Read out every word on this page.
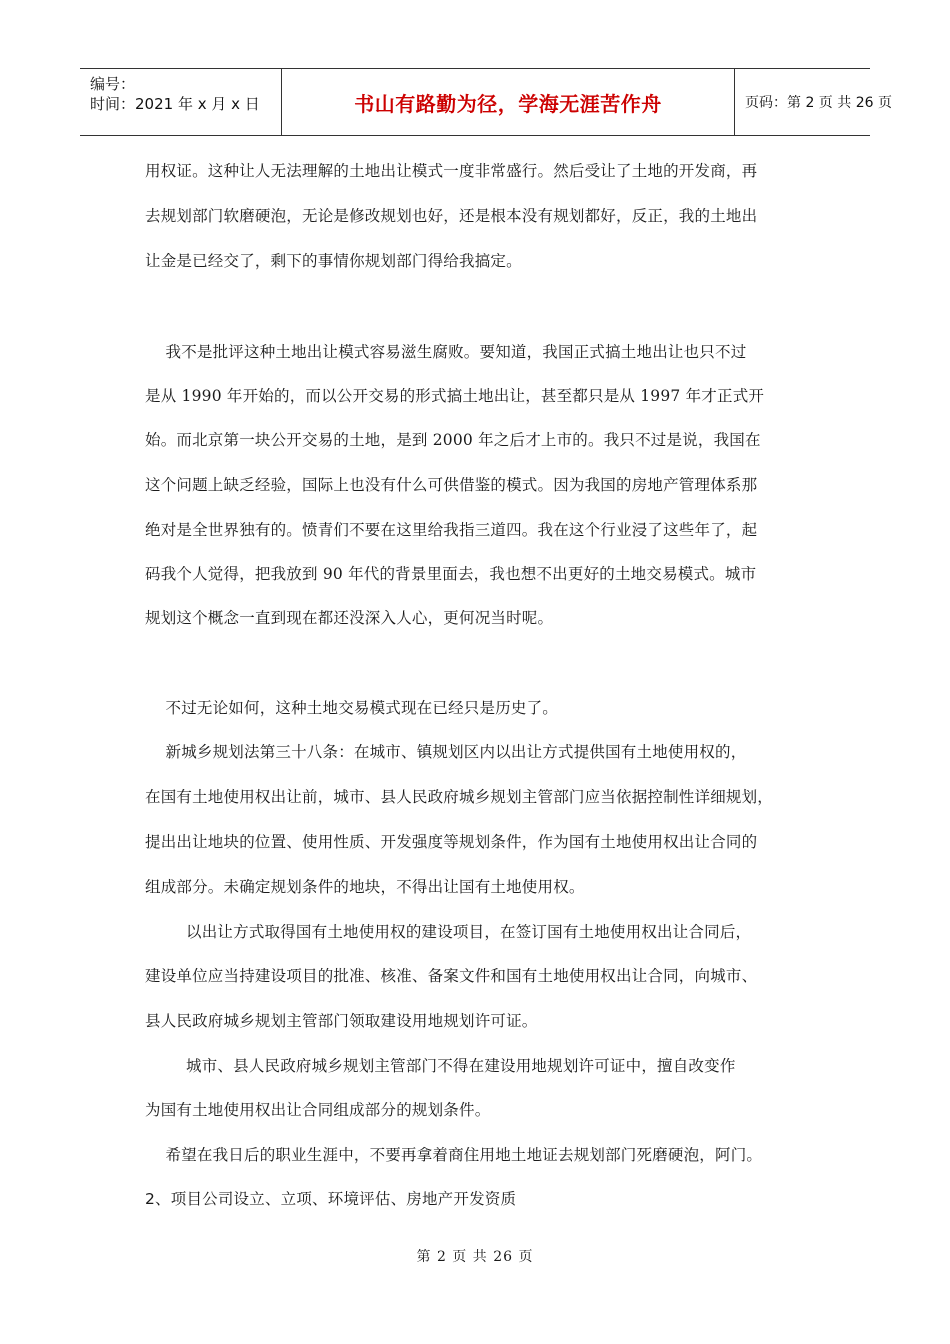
编号：
时间：2021 年 x 月 x 日	书山有路勤为径，学海无涯苦作舟	页码：第 2 页 共 26 页
用权证。这种让人无法理解的土地出让模式一度非常盛行。然后受让了土地的开发商，再
去规划部门软磨硬泡，无论是修改规划也好，还是根本没有规划都好，反正，我的土地出
让金是已经交了，剩下的事情你规划部门得给我搞定。
我不是批评这种土地出让模式容易滋生腐败。要知道，我国正式搞土地出让也只不过
是从 1990 年开始的，而以公开交易的形式搞土地出让，甚至都只是从 1997 年才正式开
始。而北京第一块公开交易的土地，是到 2000 年之后才上市的。我只不过是说，我国在
这个问题上缺乏经验，国际上也没有什么可供借鉴的模式。因为我国的房地产管理体系那
绝对是全世界独有的。愤青们不要在这里给我指三道四。我在这个行业浸了这些年了，起
码我个人觉得，把我放到 90 年代的背景里面去，我也想不出更好的土地交易模式。城市
规划这个概念一直到现在都还没深入人心，更何况当时呢。
不过无论如何，这种土地交易模式现在已经只是历史了。
新城乡规划法第三十八条：在城市、镇规划区内以出让方式提供国有土地使用权的，
在国有土地使用权出让前，城市、县人民政府城乡规划主管部门应当依据控制性详细规划，
提出出让地块的位置、使用性质、开发强度等规划条件，作为国有土地使用权出让合同的
组成部分。未确定规划条件的地块，不得出让国有土地使用权。
以出让方式取得国有土地使用权的建设项目，在签订国有土地使用权出让合同后，
建设单位应当持建设项目的批准、核准、备案文件和国有土地使用权出让合同，向城市、
县人民政府城乡规划主管部门领取建设用地规划许可证。
城市、县人民政府城乡规划主管部门不得在建设用地规划许可证中，擅自改变作
为国有土地使用权出让合同组成部分的规划条件。
希望在我日后的职业生涯中，不要再拿着商住用地土地证去规划部门死磨硬泡，阿门。
2、项目公司设立、立项、环境评估、房地产开发资质
第 2 页 共 26 页
